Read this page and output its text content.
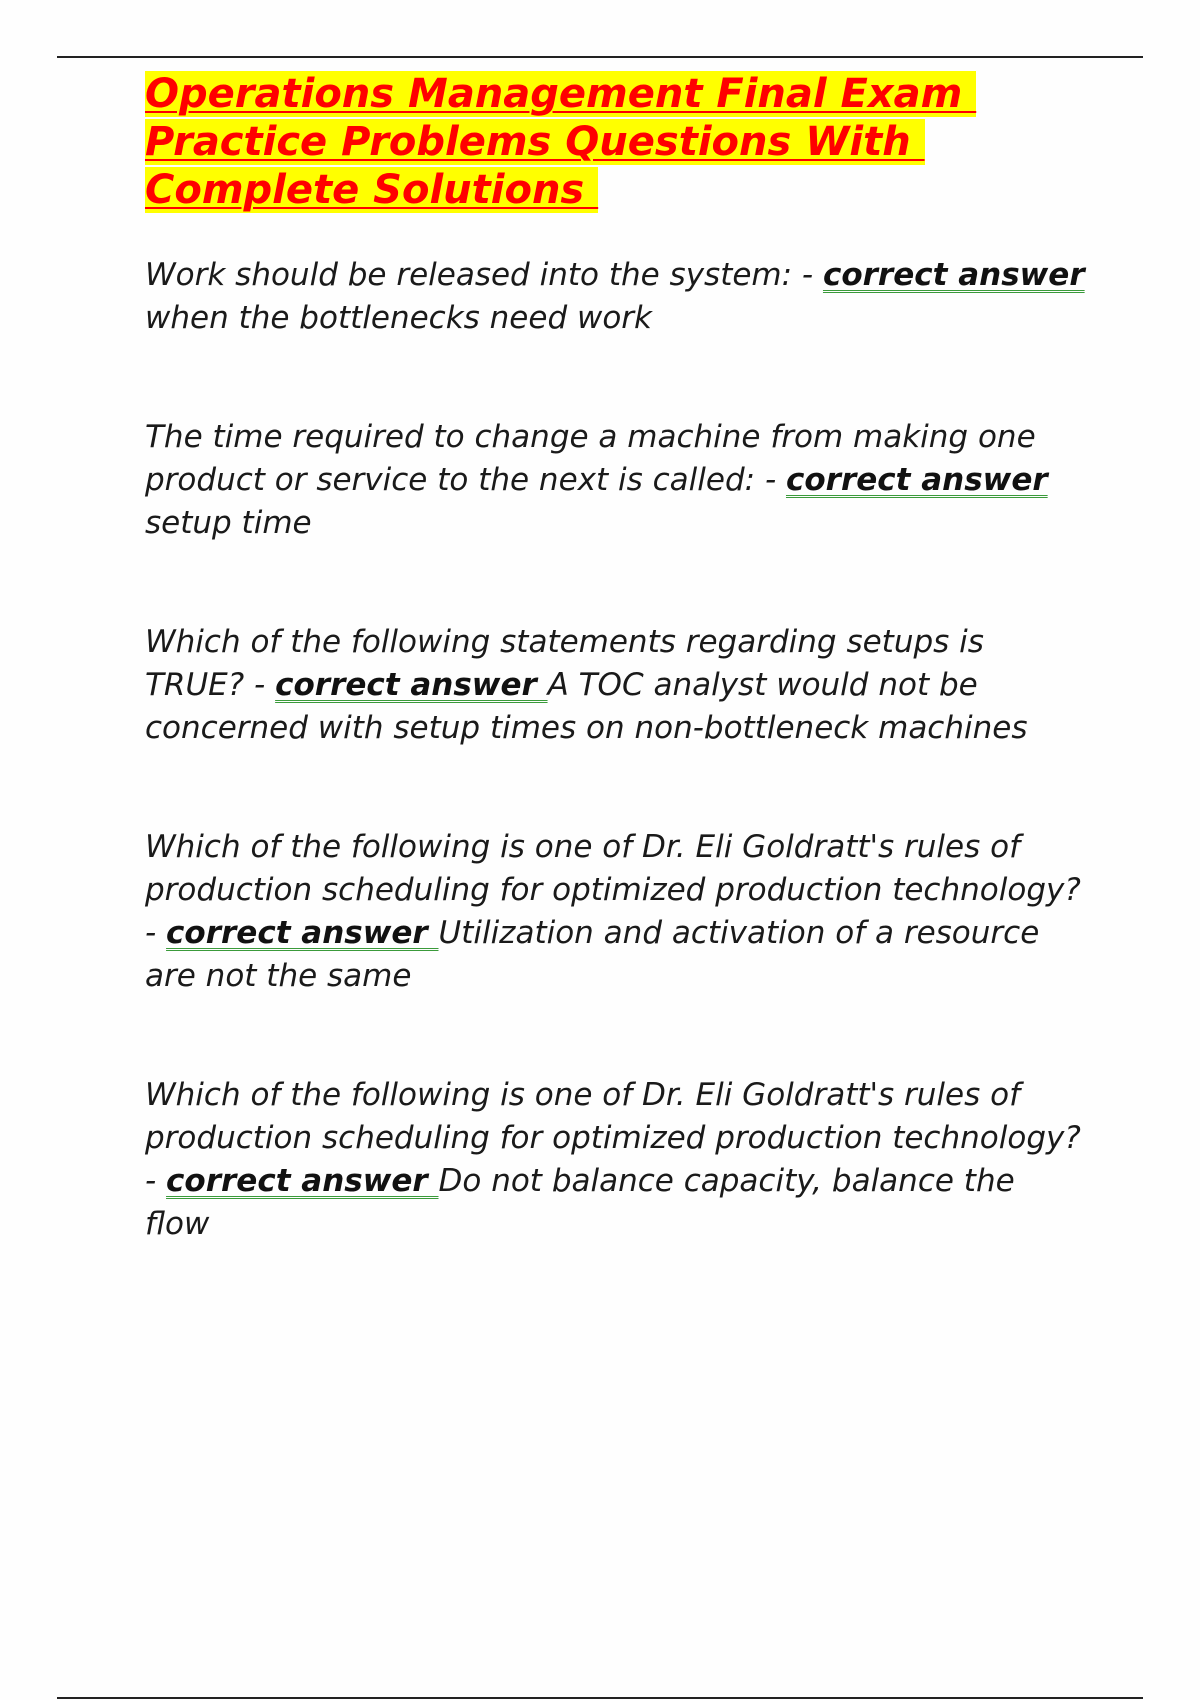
Operations Management Final Exam
Practice Problems Questions With
Complete Solutions

Work should be released into the system: - correct answer when the bottlenecks need work

The time required to change a machine from making one product or service to the next is called: - correct answer setup time

Which of the following statements regarding setups is TRUE? - correct answer A TOC analyst would not be concerned with setup times on non-bottleneck machines

Which of the following is one of Dr. Eli Goldratt's rules of production scheduling for optimized production technology? - correct answer Utilization and activation of a resource are not the same

Which of the following is one of Dr. Eli Goldratt's rules of production scheduling for optimized production technology? - correct answer Do not balance capacity, balance the flow
